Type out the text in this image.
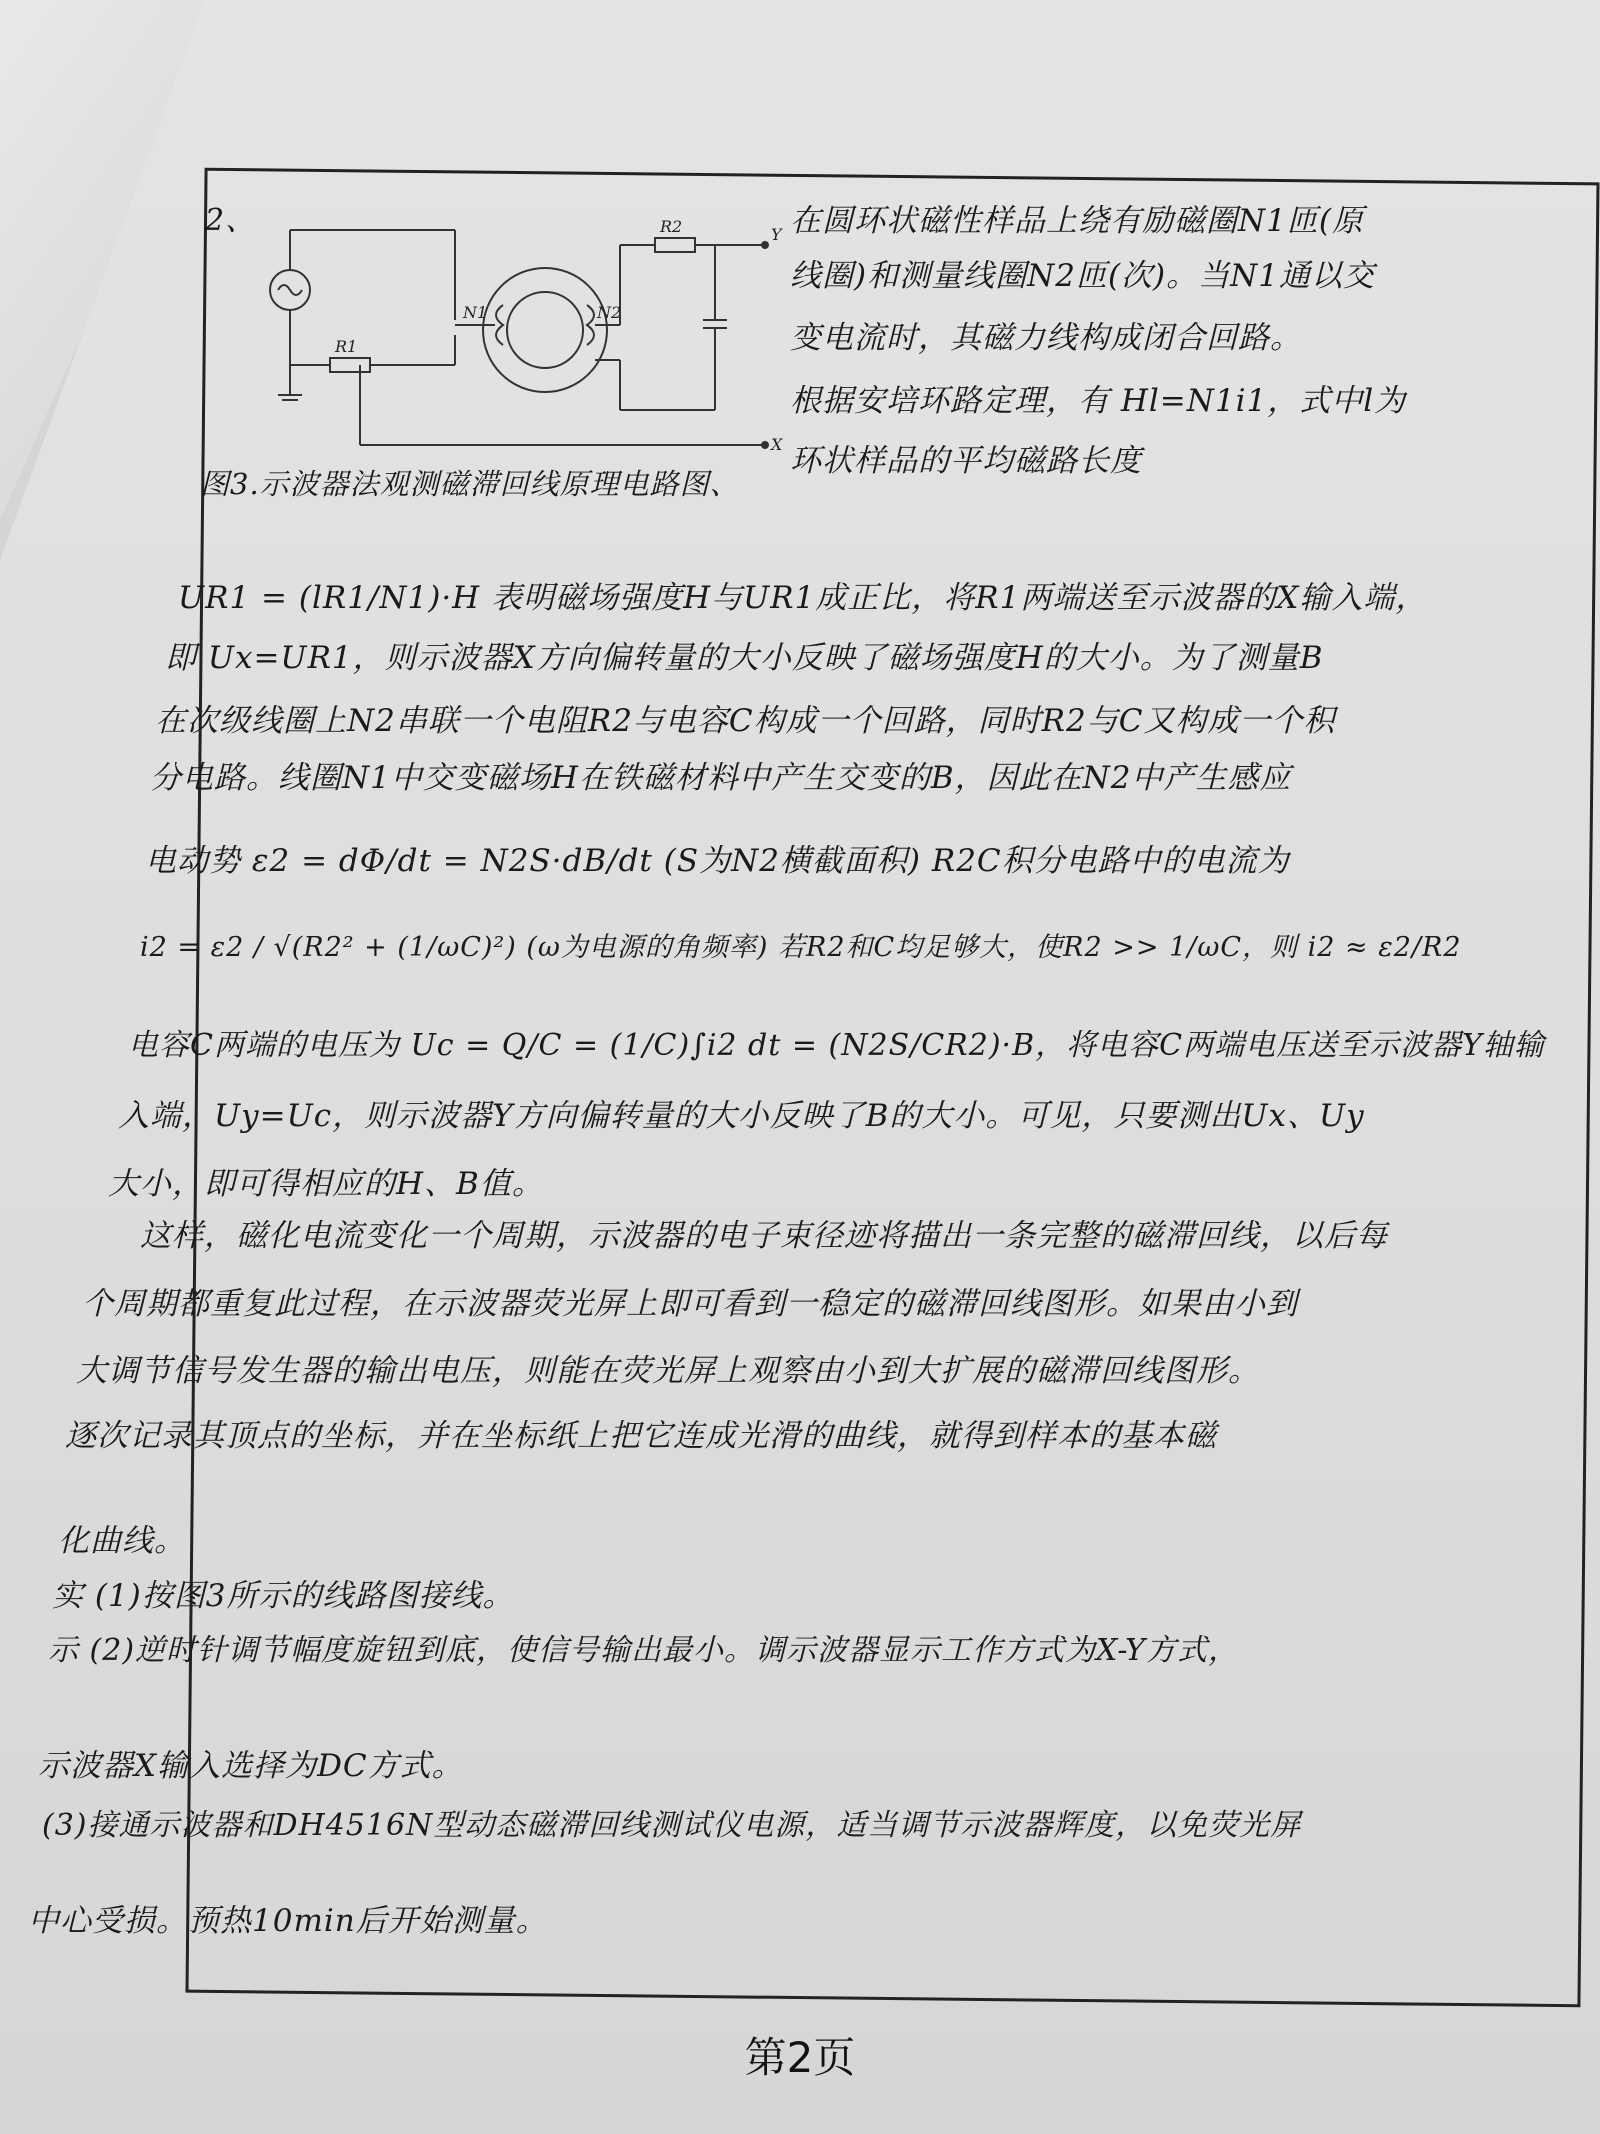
2、
R1
R2
N1	N2
X
Y
图3.示波器法观测磁滞回线原理电路图、
在圆环状磁性样品上绕有励磁圈N1匝(原
线圈)和测量线圈N2匝(次)。当N1通以交
变电流时，其磁力线构成闭合回路。
根据安培环路定理，有 Hl=N1i1，式中l为
环状样品的平均磁路长度
UR1 = (lR1/N1)·H 表明磁场强度H与UR1成正比，将R1两端送至示波器的X输入端，
即 Ux=UR1，则示波器X方向偏转量的大小反映了磁场强度H的大小。为了测量B
在次级线圈上N2串联一个电阻R2与电容C构成一个回路，同时R2与C又构成一个积
分电路。线圈N1中交变磁场H在铁磁材料中产生交变的B，因此在N2中产生感应
电动势 ε2 = dΦ/dt = N2S·dB/dt (S为N2横截面积) R2C积分电路中的电流为
i2 = ε2 / √(R2² + (1/ωC)²) (ω为电源的角频率) 若R2和C均足够大，使R2 >> 1/ωC，则 i2 ≈ ε2/R2
电容C两端的电压为 Uc = Q/C = (1/C)∫i2 dt = (N2S/CR2)·B，将电容C两端电压送至示波器Y轴输
入端，Uy=Uc，则示波器Y方向偏转量的大小反映了B的大小。可见，只要测出Ux、Uy
大小，即可得相应的H、B值。
这样，磁化电流变化一个周期，示波器的电子束径迹将描出一条完整的磁滞回线，以后每
个周期都重复此过程，在示波器荧光屏上即可看到一稳定的磁滞回线图形。如果由小到
大调节信号发生器的输出电压，则能在荧光屏上观察由小到大扩展的磁滞回线图形。
逐次记录其顶点的坐标，并在坐标纸上把它连成光滑的曲线，就得到样本的基本磁
化曲线。
实 (1)按图3所示的线路图接线。
示 (2)逆时针调节幅度旋钮到底，使信号输出最小。调示波器显示工作方式为X-Y方式，
示波器X输入选择为DC方式。
(3)接通示波器和DH4516N型动态磁滞回线测试仪电源，适当调节示波器辉度，以免荧光屏
中心受损。预热10min后开始测量。
第2页
